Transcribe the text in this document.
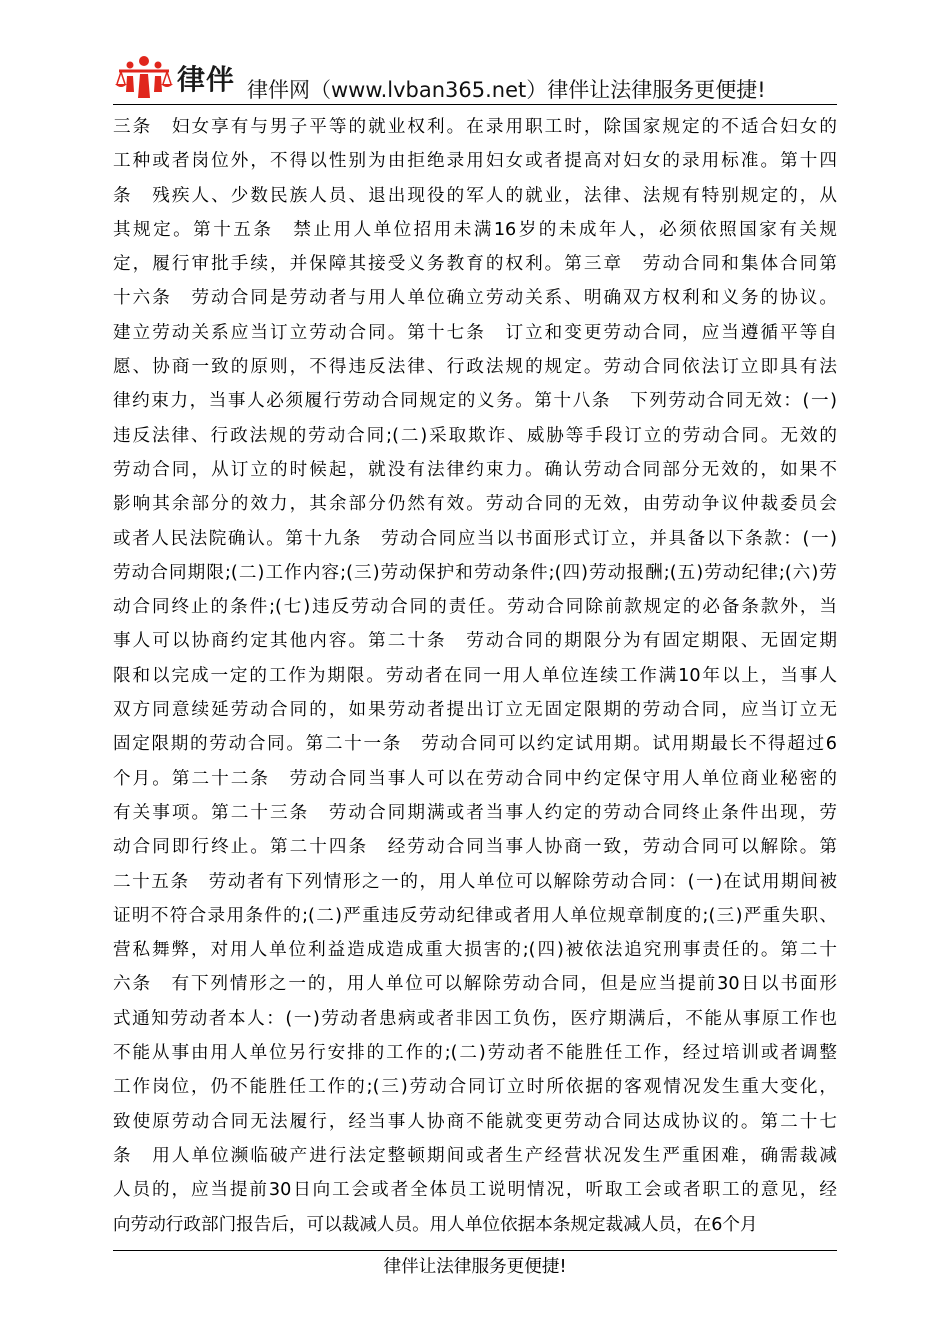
律伴 律伴网（www.lvban365.net）律伴让法律服务更便捷!
三条　妇女享有与男子平等的就业权利。在录用职工时，除国家规定的不适合妇女的
工种或者岗位外，不得以性别为由拒绝录用妇女或者提高对妇女的录用标准。第十四
条　残疾人、少数民族人员、退出现役的军人的就业，法律、法规有特别规定的，从
其规定。第十五条　禁止用人单位招用未满16岁的未成年人，必须依照国家有关规
定，履行审批手续，并保障其接受义务教育的权利。第三章　劳动合同和集体合同第
十六条　劳动合同是劳动者与用人单位确立劳动关系、明确双方权利和义务的协议。
建立劳动关系应当订立劳动合同。第十七条　订立和变更劳动合同，应当遵循平等自
愿、协商一致的原则，不得违反法律、行政法规的规定。劳动合同依法订立即具有法
律约束力，当事人必须履行劳动合同规定的义务。第十八条　下列劳动合同无效：(一)
违反法律、行政法规的劳动合同;(二)采取欺诈、威胁等手段订立的劳动合同。无效的
劳动合同，从订立的时候起，就没有法律约束力。确认劳动合同部分无效的，如果不
影响其余部分的效力，其余部分仍然有效。劳动合同的无效，由劳动争议仲裁委员会
或者人民法院确认。第十九条　劳动合同应当以书面形式订立，并具备以下条款：(一)
劳动合同期限;(二)工作内容;(三)劳动保护和劳动条件;(四)劳动报酬;(五)劳动纪律;(六)劳
动合同终止的条件;(七)违反劳动合同的责任。劳动合同除前款规定的必备条款外，当
事人可以协商约定其他内容。第二十条　劳动合同的期限分为有固定期限、无固定期
限和以完成一定的工作为期限。劳动者在同一用人单位连续工作满10年以上，当事人
双方同意续延劳动合同的，如果劳动者提出订立无固定限期的劳动合同，应当订立无
固定限期的劳动合同。第二十一条　劳动合同可以约定试用期。试用期最长不得超过6
个月。第二十二条　劳动合同当事人可以在劳动合同中约定保守用人单位商业秘密的
有关事项。第二十三条　劳动合同期满或者当事人约定的劳动合同终止条件出现，劳
动合同即行终止。第二十四条　经劳动合同当事人协商一致，劳动合同可以解除。第
二十五条　劳动者有下列情形之一的，用人单位可以解除劳动合同：(一)在试用期间被
证明不符合录用条件的;(二)严重违反劳动纪律或者用人单位规章制度的;(三)严重失职、
营私舞弊，对用人单位利益造成造成重大损害的;(四)被依法追究刑事责任的。第二十
六条　有下列情形之一的，用人单位可以解除劳动合同，但是应当提前30日以书面形
式通知劳动者本人：(一)劳动者患病或者非因工负伤，医疗期满后，不能从事原工作也
不能从事由用人单位另行安排的工作的;(二)劳动者不能胜任工作，经过培训或者调整
工作岗位，仍不能胜任工作的;(三)劳动合同订立时所依据的客观情况发生重大变化，
致使原劳动合同无法履行，经当事人协商不能就变更劳动合同达成协议的。第二十七
条　用人单位濒临破产进行法定整顿期间或者生产经营状况发生严重困难，确需裁减
人员的，应当提前30日向工会或者全体员工说明情况，听取工会或者职工的意见，经
向劳动行政部门报告后，可以裁减人员。用人单位依据本条规定裁减人员，在6个月
律伴让法律服务更便捷!
